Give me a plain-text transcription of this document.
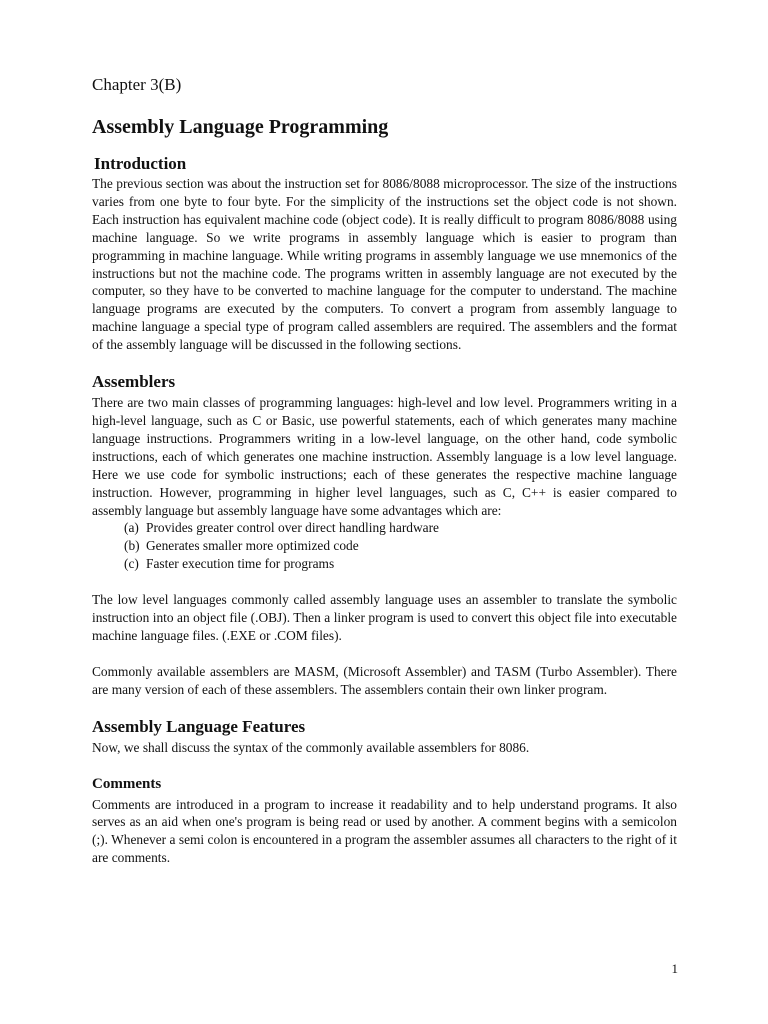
Chapter 3(B)
Assembly Language Programming
Introduction

The previous section was about the instruction set for 8086/8088 microprocessor. The size of the instructions varies from one byte to four byte. For the simplicity of the instructions set the object code is not shown. Each instruction has equivalent machine code (object code). It is really difficult to program 8086/8088 using machine language. So we write programs in assembly language which is easier to program than programming in machine language. While writing programs in assembly language we use mnemonics of the instructions but not the machine code. The programs written in assembly language are not executed by the computer, so they have to be converted to machine language for the computer to understand. The machine language programs are executed by the computers. To convert a program from assembly language to machine language a special type of program called assemblers are required. The assemblers and the format of the assembly language will be discussed in the following sections.

Assemblers

There are two main classes of programming languages: high-level and low level. Programmers writing in a high-level language, such as C or Basic, use powerful statements, each of which generates many machine language instructions. Programmers writing in a low-level language, on the other hand, code symbolic instructions, each of which generates one machine instruction. Assembly language is a low level language. Here we use code for symbolic instructions; each of these generates the respective machine language instruction. However, programming in higher level languages, such as C, C++ is easier compared to assembly language but assembly language have some advantages which are:

(a) Provides greater control over direct handling hardware
(b) Generates smaller more optimized code
(c) Faster execution time for programs

The low level languages commonly called assembly language uses an assembler to translate the symbolic instruction into an object file (.OBJ). Then a linker program is used to convert this object file into executable machine language files. (.EXE or .COM files).

Commonly available assemblers are MASM, (Microsoft Assembler) and TASM (Turbo Assembler). There are many version of each of these assemblers. The assemblers contain their own linker program.

Assembly Language Features

Now, we shall discuss the syntax of the commonly available assemblers for 8086.

Comments

Comments are introduced in a program to increase it readability and to help understand programs. It also serves as an aid when one's program is being read or used by another. A comment begins with a semicolon (;). Whenever a semi colon is encountered in a program the assembler assumes all characters to the right of it are comments.

1
